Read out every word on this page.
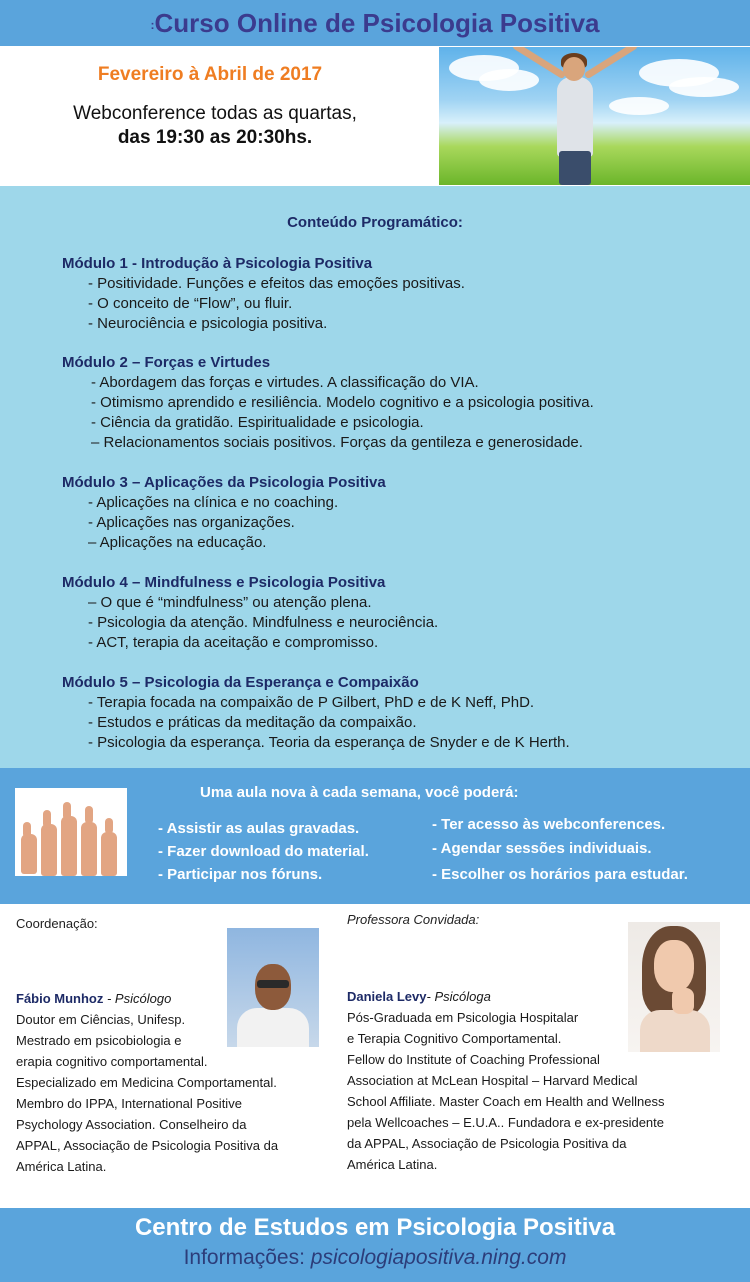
:Curso Online de Psicologia Positiva
Fevereiro à Abril de 2017
Webconference todas as quartas,
das 19:30 as 20:30hs.
Conteúdo Programático:
Módulo 1 - Introdução à Psicologia Positiva
- Positividade. Funções e efeitos das emoções positivas.
- O conceito de “Flow”, ou fluir.
- Neurociência e psicologia positiva.
Módulo 2 – Forças e Virtudes
- Abordagem das forças e virtudes. A classificação do VIA.
- Otimismo aprendido e resiliência. Modelo cognitivo e a psicologia positiva.
- Ciência da gratidão. Espiritualidade e psicologia.
– Relacionamentos sociais positivos. Forças da gentileza e generosidade.
Módulo 3 – Aplicações da Psicologia Positiva
- Aplicações na clínica e no coaching.
- Aplicações nas organizações.
– Aplicações na educação.
Módulo 4 – Mindfulness e Psicologia Positiva
– O que é “mindfulness” ou atenção plena.
- Psicologia da atenção. Mindfulness e neurociência.
- ACT, terapia da aceitação e compromisso.
Módulo 5 – Psicologia da Esperança e Compaixão
- Terapia focada na compaixão de P Gilbert, PhD e de K Neff, PhD.
- Estudos e práticas da meditação da compaixão.
- Psicologia da esperança. Teoria da esperança de Snyder e de K Herth.
Uma aula nova à cada semana, você poderá:
- Assistir as aulas gravadas.
- Fazer download do material.
- Participar nos fóruns.
- Ter acesso às webconferences.
- Agendar sessões individuais.
- Escolher os horários para estudar.
Coordenação:
Fábio Munhoz - Psicólogo
Doutor em Ciências, Unifesp.
Mestrado em psicobiologia e
erapia cognitivo comportamental.
Especializado em Medicina Comportamental.
Membro do IPPA, International Positive
Psychology Association. Conselheiro da
APPAL, Associação de Psicologia Positiva da
América Latina.
Professora Convidada:
Daniela Levy- Psicóloga
Pós-Graduada em Psicologia Hospitalar
e Terapia Cognitivo Comportamental.
Fellow do Institute of Coaching Professional
Association at McLean Hospital – Harvard Medical
School Affiliate. Master Coach em Health and Wellness
pela Wellcoaches – E.U.A.. Fundadora e ex-presidente
da APPAL, Associação de Psicologia Positiva da
América Latina.
Centro de Estudos em Psicologia Positiva
Informações: psicologiapositiva.ning.com
